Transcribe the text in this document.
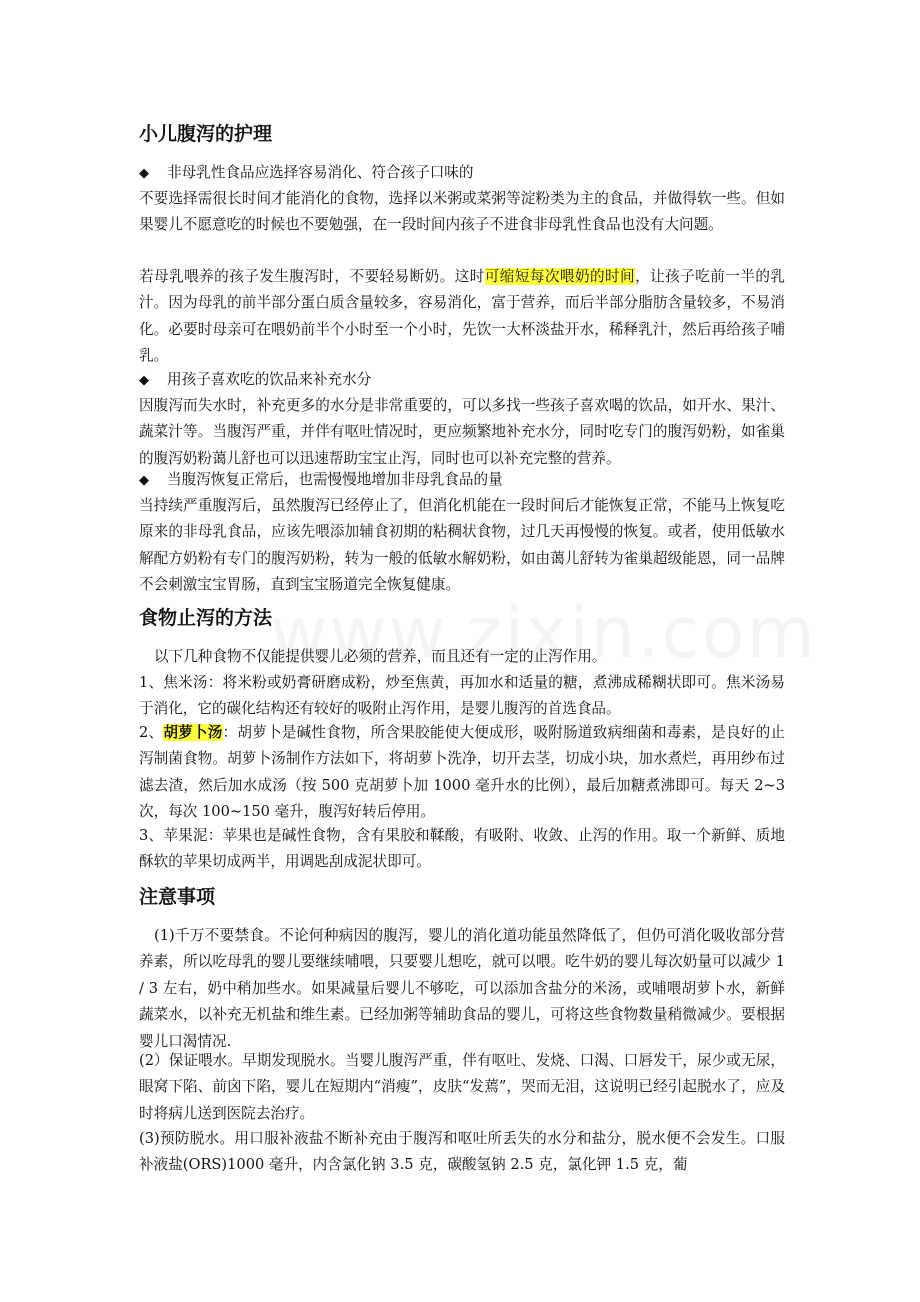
小儿腹泻的护理
◆ 非母乳性食品应选择容易消化、符合孩子口味的
不要选择需很长时间才能消化的食物，选择以米粥或菜粥等淀粉类为主的食品，并做得软一些。但如果婴儿不愿意吃的时候也不要勉强，在一段时间内孩子不进食非母乳性食品也没有大问题。
若母乳喂养的孩子发生腹泻时，不要轻易断奶。这时可缩短每次喂奶的时间，让孩子吃前一半的乳汁。因为母乳的前半部分蛋白质含量较多，容易消化，富于营养，而后半部分脂肪含量较多，不易消化。必要时母亲可在喂奶前半个小时至一个小时，先饮一大杯淡盐开水，稀释乳汁，然后再给孩子哺乳。
◆ 用孩子喜欢吃的饮品来补充水分
因腹泻而失水时，补充更多的水分是非常重要的，可以多找一些孩子喜欢喝的饮品，如开水、果汁、蔬菜汁等。当腹泻严重，并伴有呕吐情况时，更应频繁地补充水分，同时吃专门的腹泻奶粉，如雀巢的腹泻奶粉蔼儿舒也可以迅速帮助宝宝止泻，同时也可以补充完整的营养。
◆ 当腹泻恢复正常后，也需慢慢地增加非母乳食品的量
当持续严重腹泻后，虽然腹泻已经停止了，但消化机能在一段时间后才能恢复正常，不能马上恢复吃原来的非母乳食品，应该先喂添加辅食初期的粘稠状食物，过几天再慢慢的恢复。或者，使用低敏水解配方奶粉有专门的腹泻奶粉，转为一般的低敏水解奶粉，如由蔼儿舒转为雀巢超级能恩，同一品牌不会刺激宝宝胃肠，直到宝宝肠道完全恢复健康。
食物止泻的方法
以下几种食物不仅能提供婴儿必须的营养，而且还有一定的止泻作用。
1、焦米汤：将米粉或奶膏研磨成粉，炒至焦黄，再加水和适量的糖，煮沸成稀糊状即可。焦米汤易于消化，它的碳化结构还有较好的吸附止泻作用，是婴儿腹泻的首选食品。
2、胡萝卜汤：胡萝卜是碱性食物，所含果胶能使大便成形，吸附肠道致病细菌和毒素，是良好的止泻制菌食物。胡萝卜汤制作方法如下，将胡萝卜洗净，切开去茎，切成小块，加水煮烂，再用纱布过滤去渣，然后加水成汤（按 500 克胡萝卜加 1000 毫升水的比例），最后加糖煮沸即可。每天 2~3 次，每次 100~150 毫升，腹泻好转后停用。
3、苹果泥：苹果也是碱性食物，含有果胶和鞣酸，有吸附、收敛、止泻的作用。取一个新鲜、质地酥软的苹果切成两半，用调匙刮成泥状即可。
注意事项
(1)千万不要禁食。不论何种病因的腹泻，婴儿的消化道功能虽然降低了，但仍可消化吸收部分营养素，所以吃母乳的婴儿要继续哺喂，只要婴儿想吃，就可以喂。吃牛奶的婴儿每次奶量可以减少 1 / 3 左右，奶中稍加些水。如果减量后婴儿不够吃，可以添加含盐分的米汤，或哺喂胡萝卜水，新鲜蔬菜水，以补充无机盐和维生素。已经加粥等辅助食品的婴儿，可将这些食物数量稍微减少。要根据婴儿口渴情况.
(2）保证喂水。早期发现脱水。当婴儿腹泻严重，伴有呕吐、发烧、口渴、口唇发干，尿少或无尿，眼窝下陷、前囟下陷，婴儿在短期内“消瘦”，皮肤“发蔫”，哭而无泪，这说明已经引起脱水了，应及时将病儿送到医院去治疗。
(3)预防脱水。用口服补液盐不断补充由于腹泻和呕吐所丢失的水分和盐分，脱水便不会发生。口服补液盐(ORS)1000 毫升，内含氯化钠 3.5 克，碳酸氢钠 2.5 克，氯化钾 1.5 克，葡
